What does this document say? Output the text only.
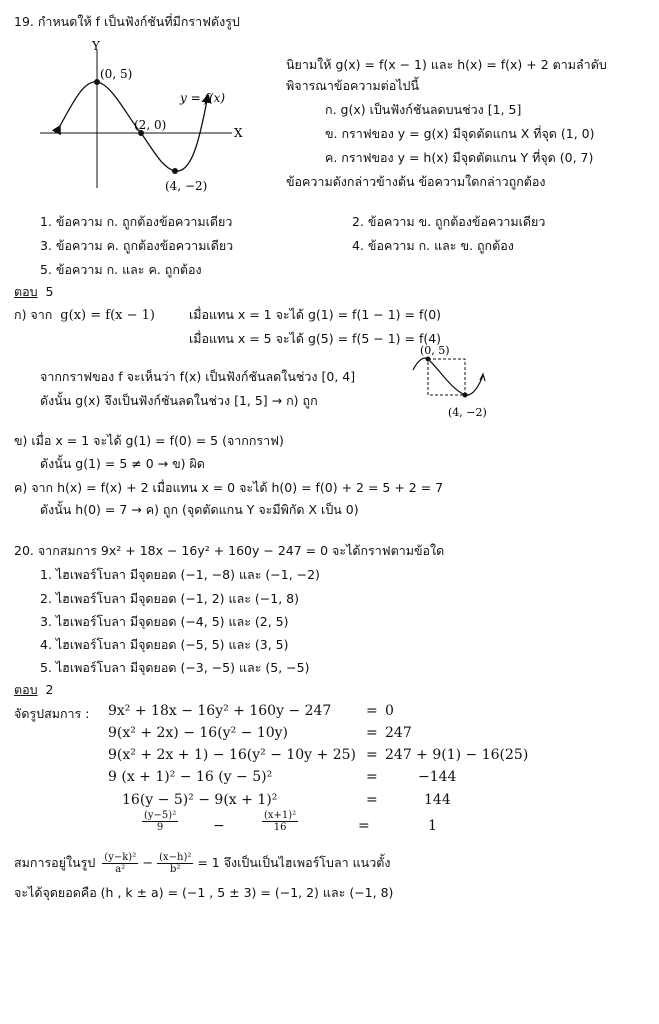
19. กำหนดให้ f เป็นฟังก์ชันที่มีกราฟดังรูป
Y
X
y = f(x)
(0, 5)
(2, 0)
(4, −2)
นิยามให้ g(x) = f(x − 1) และ h(x) = f(x) + 2 ตามลำดับ
พิจารณาข้อความต่อไปนี้
ก. g(x) เป็นฟังก์ชันลดบนช่วง [1, 5]
ข. กราฟของ y = g(x) มีจุดตัดแกน X ที่จุด (1, 0)
ค. กราฟของ y = h(x) มีจุดตัดแกน Y ที่จุด (0, 7)
ข้อความดังกล่าวข้างต้น ข้อความใดกล่าวถูกต้อง
1. ข้อความ ก. ถูกต้องข้อความเดียว	2. ข้อความ ข. ถูกต้องข้อความเดียว
3. ข้อความ ค. ถูกต้องข้อความเดียว	4. ข้อความ ก. และ ข. ถูกต้อง
5. ข้อความ ก. และ ค. ถูกต้อง
ตอบ 5
ก) จาก g(x) = f(x − 1)	เมื่อแทน x = 1 จะได้ g(1) = f(1 − 1) = f(0)
เมื่อแทน x = 5 จะได้ g(5) = f(5 − 1) = f(4)
(0, 5)
(4, −2)
จากกราฟของ f จะเห็นว่า f(x) เป็นฟังก์ชันลดในช่วง [0, 4]
ดังนั้น g(x) จึงเป็นฟังก์ชันลดในช่วง [1, 5] → ก) ถูก
ข) เมื่อ x = 1 จะได้ g(1) = f(0) = 5 (จากกราฟ)
ดังนั้น g(1) = 5 ≠ 0 → ข) ผิด
ค) จาก h(x) = f(x) + 2 เมื่อแทน x = 0 จะได้ h(0) = f(0) + 2 = 5 + 2 = 7
ดังนั้น h(0) = 7 → ค) ถูก (จุดตัดแกน Y จะมีพิกัด X เป็น 0)
20. จากสมการ 9x² + 18x − 16y² + 160y − 247 = 0 จะได้กราฟตามข้อใด
1. ไฮเพอร์โบลา มีจุดยอด (−1, −8) และ (−1, −2)
2. ไฮเพอร์โบลา มีจุดยอด (−1, 2) และ (−1, 8)
3. ไฮเพอร์โบลา มีจุดยอด (−4, 5) และ (2, 5)
4. ไฮเพอร์โบลา มีจุดยอด (−5, 5) และ (3, 5)
5. ไฮเพอร์โบลา มีจุดยอด (−3, −5) และ (5, −5)
ตอบ 2
จัดรูปสมการ : 9x² + 18x − 16y² + 160y − 247 = 0
9(x² + 2x) − 16(y² − 10y)	= 247
9(x² + 2x + 1) − 16(y² − 10y + 25) = 247 + 9(1) − 16(25)
9 (x + 1)² − 16 (y − 5)²	=	−144
16(y − 5)² − 9(x + 1)²	=	144
$\frac{\text{(y−5)²}}{9}$ −	$\frac{\text{(x+1)²}}{16}$	=	1
สมการอยู่ในรูป $\frac{\text{(y−k)²}}{\text{a²}} - \frac{\text{(x−h)²}}{\text{b²}} = 1$ จึงเป็นเป็นไฮเพอร์โบลา แนวตั้ง
จะได้จุดยอดคือ (h , k ± a) = (−1 , 5 ± 3) = (−1, 2) และ (−1, 8)
